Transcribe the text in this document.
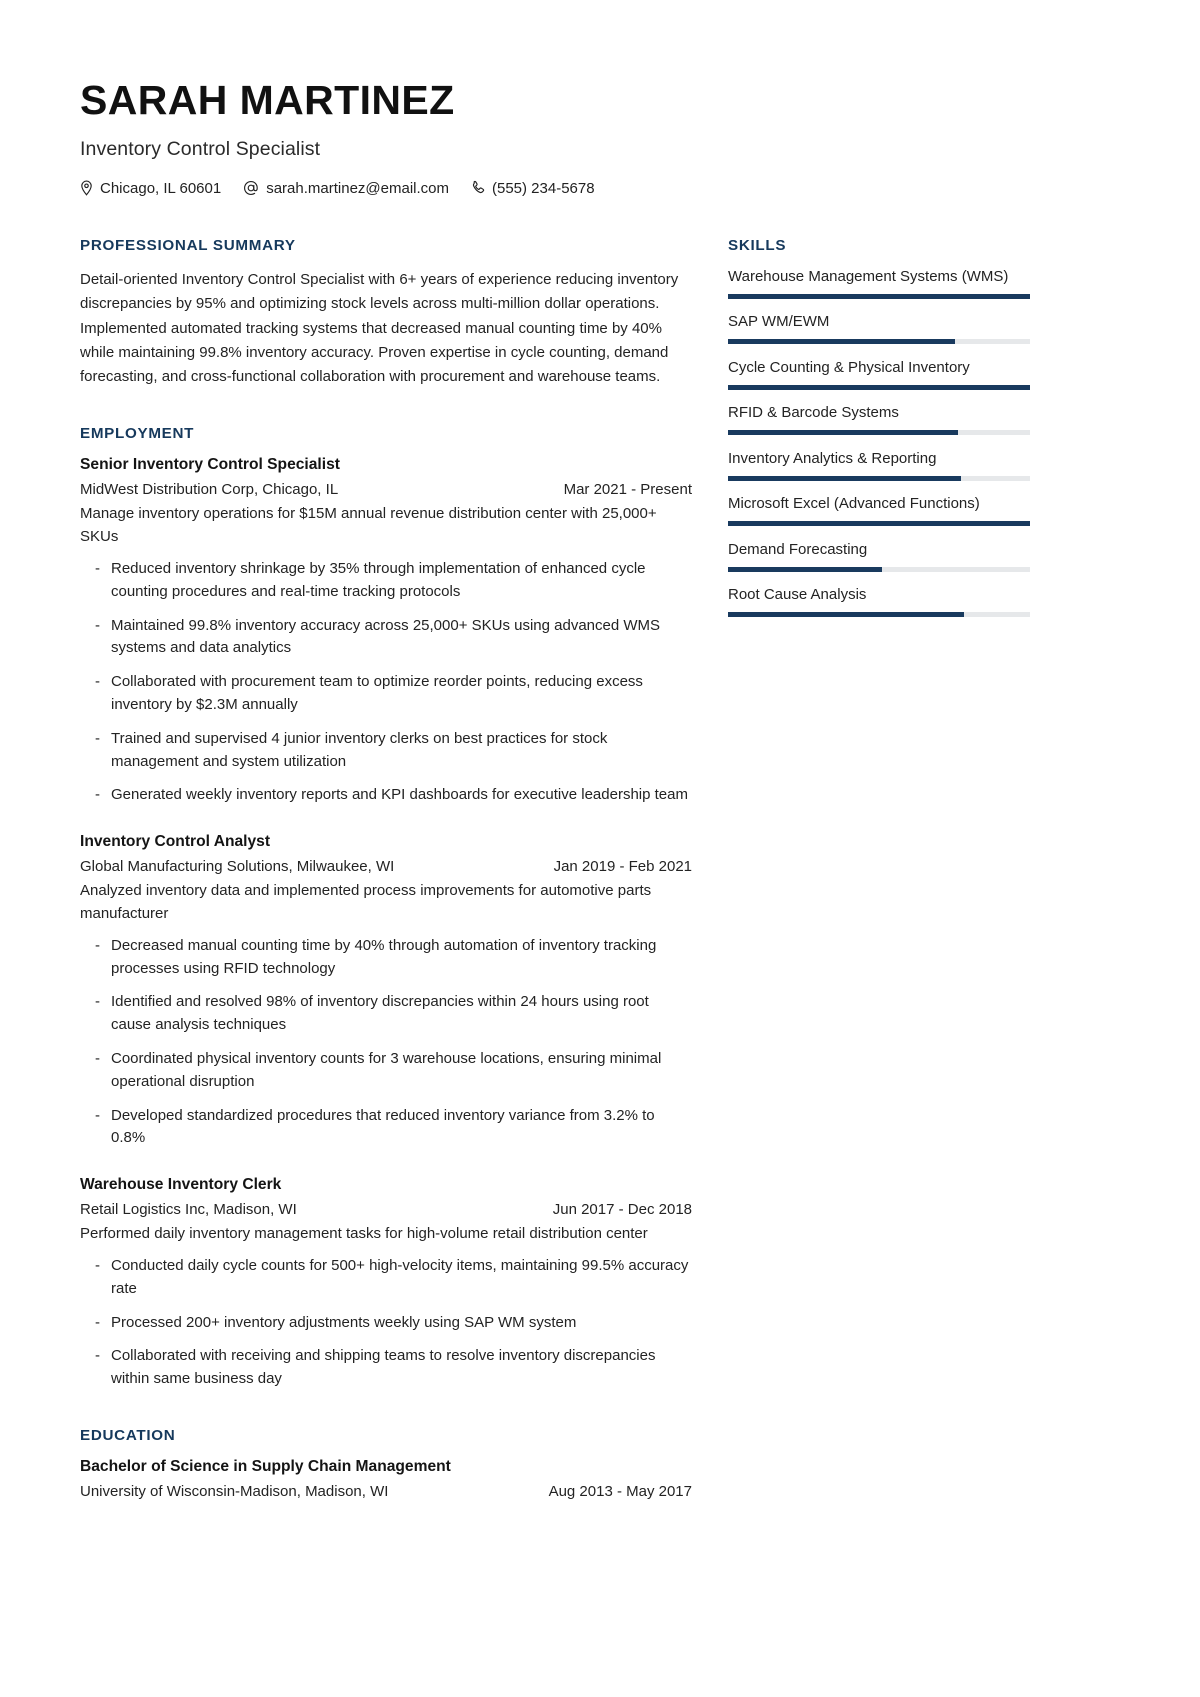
SARAH MARTINEZ
Inventory Control Specialist
Chicago, IL 60601	sarah.martinez@email.com	(555) 234-5678
PROFESSIONAL SUMMARY

Detail-oriented Inventory Control Specialist with 6+ years of experience reducing inventory discrepancies by 95% and optimizing stock levels across multi-million dollar operations. Implemented automated tracking systems that decreased manual counting time by 40% while maintaining 99.8% inventory accuracy. Proven expertise in cycle counting, demand forecasting, and cross-functional collaboration with procurement and warehouse teams.

EMPLOYMENT
Senior Inventory Control Specialist
MidWest Distribution Corp, Chicago, IL	Mar 2021 - Present
Manage inventory operations for $15M annual revenue distribution center with 25,000+ SKUs
- Reduced inventory shrinkage by 35% through implementation of enhanced cycle counting procedures and real-time tracking protocols
- Maintained 99.8% inventory accuracy across 25,000+ SKUs using advanced WMS systems and data analytics
- Collaborated with procurement team to optimize reorder points, reducing excess inventory by $2.3M annually
- Trained and supervised 4 junior inventory clerks on best practices for stock management and system utilization
- Generated weekly inventory reports and KPI dashboards for executive leadership team
Inventory Control Analyst
Global Manufacturing Solutions, Milwaukee, WI	Jan 2019 - Feb 2021
Analyzed inventory data and implemented process improvements for automotive parts manufacturer
- Decreased manual counting time by 40% through automation of inventory tracking processes using RFID technology
- Identified and resolved 98% of inventory discrepancies within 24 hours using root cause analysis techniques
- Coordinated physical inventory counts for 3 warehouse locations, ensuring minimal operational disruption
- Developed standardized procedures that reduced inventory variance from 3.2% to 0.8%
Warehouse Inventory Clerk
Retail Logistics Inc, Madison, WI	Jun 2017 - Dec 2018
Performed daily inventory management tasks for high-volume retail distribution center
- Conducted daily cycle counts for 500+ high-velocity items, maintaining 99.5% accuracy rate
- Processed 200+ inventory adjustments weekly using SAP WM system
- Collaborated with receiving and shipping teams to resolve inventory discrepancies within same business day
EDUCATION
Bachelor of Science in Supply Chain Management
University of Wisconsin-Madison, Madison, WI	Aug 2013 - May 2017
SKILLS
Warehouse Management Systems (WMS)
SAP WM/EWM
Cycle Counting & Physical Inventory
RFID & Barcode Systems
Inventory Analytics & Reporting
Microsoft Excel (Advanced Functions)
Demand Forecasting
Root Cause Analysis
